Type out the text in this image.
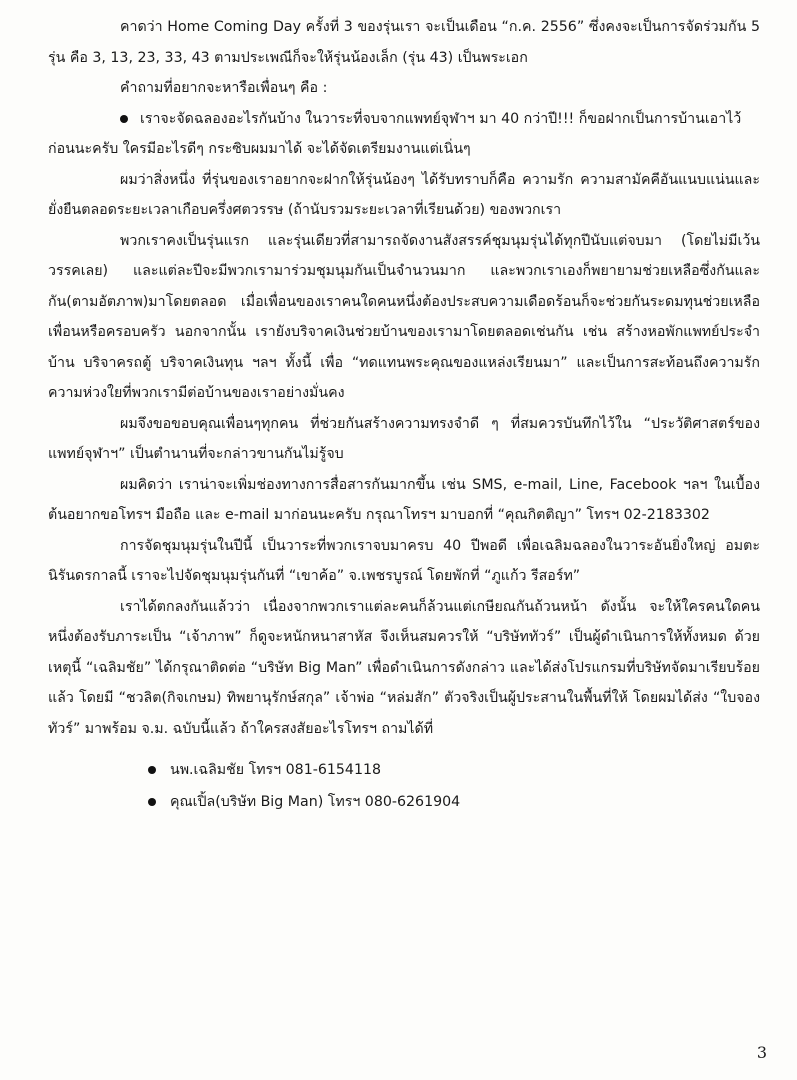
คาดว่า Home Coming Day ครั้งที่ 3 ของรุ่นเรา จะเป็นเดือน “ก.ค. 2556” ซึ่งคงจะเป็นการจัดร่วมกัน 5 รุ่น คือ 3, 13, 23, 33, 43 ตามประเพณีก็จะให้รุ่นน้องเล็ก (รุ่น 43) เป็นพระเอก

คำถามที่อยากจะหารือเพื่อนๆ คือ :

เราจะจัดฉลองอะไรกันบ้าง ในวาระที่จบจากแพทย์จุฬาฯ มา 40 กว่าปี!!! ก็ขอฝากเป็นการบ้านเอาไว้ก่อนนะครับ ใครมีอะไรดีๆ กระซิบผมมาได้ จะได้จัดเตรียมงานแต่เนิ่นๆ

ผมว่าสิ่งหนึ่ง ที่รุ่นของเราอยากจะฝากให้รุ่นน้องๆ ได้รับทราบก็คือ ความรัก ความสามัคคีอันแนบแน่นและยั่งยืนตลอดระยะเวลาเกือบครึ่งศตวรรษ (ถ้านับรวมระยะเวลาที่เรียนด้วย) ของพวกเรา

พวกเราคงเป็นรุ่นแรก และรุ่นเดียวที่สามารถจัดงานสังสรรค์ชุมนุมรุ่นได้ทุกปีนับแต่จบมา (โดยไม่มีเว้นวรรคเลย) และแต่ละปีจะมีพวกเรามาร่วมชุมนุมกันเป็นจำนวนมาก และพวกเราเองก็พยายามช่วยเหลือซึ่งกันและกัน(ตามอัตภาพ)มาโดยตลอด เมื่อเพื่อนของเราคนใดคนหนึ่งต้องประสบความเดือดร้อนก็จะช่วยกันระดมทุนช่วยเหลือเพื่อนหรือครอบครัว นอกจากนั้น เรายังบริจาคเงินช่วยบ้านของเรามาโดยตลอดเช่นกัน เช่น สร้างหอพักแพทย์ประจำบ้าน บริจาครถตู้ บริจาคเงินทุน ฯลฯ ทั้งนี้ เพื่อ “ทดแทนพระคุณของแหล่งเรียนมา” และเป็นการสะท้อนถึงความรัก ความห่วงใยที่พวกเรามีต่อบ้านของเราอย่างมั่นคง

ผมจึงขอขอบคุณเพื่อนๆทุกคน ที่ช่วยกันสร้างความทรงจำดี ๆ ที่สมควรบันทึกไว้ใน “ประวัติศาสตร์ของแพทย์จุฬาฯ” เป็นตำนานที่จะกล่าวขานกันไม่รู้จบ

ผมคิดว่า เราน่าจะเพิ่มช่องทางการสื่อสารกันมากขึ้น เช่น SMS, e-mail, Line, Facebook ฯลฯ ในเบื้องต้นอยากขอโทรฯ มือถือ และ e-mail มาก่อนนะครับ กรุณาโทรฯ มาบอกที่ “คุณกิตติญา” โทรฯ 02-2183302

การจัดชุมนุมรุ่นในปีนี้ เป็นวาระที่พวกเราจบมาครบ 40 ปีพอดี เพื่อเฉลิมฉลองในวาระอันยิ่งใหญ่ อมตะนิรันดรกาลนี้ เราจะไปจัดชุมนุมรุ่นกันที่ “เขาค้อ” จ.เพชรบูรณ์ โดยพักที่ “ภูแก้ว รีสอร์ท”

เราได้ตกลงกันแล้วว่า เนื่องจากพวกเราแต่ละคนก็ล้วนแต่เกษียณกันถ้วนหน้า ดังนั้น จะให้ใครคนใดคนหนึ่งต้องรับภาระเป็น “เจ้าภาพ” ก็ดูจะหนักหนาสาหัส จึงเห็นสมควรให้ “บริษัททัวร์” เป็นผู้ดำเนินการให้ทั้งหมด ด้วยเหตุนี้ “เฉลิมชัย” ได้กรุณาติดต่อ “บริษัท Big Man” เพื่อดำเนินการดังกล่าว และได้ส่งโปรแกรมที่บริษัทจัดมาเรียบร้อยแล้ว โดยมี “ชวลิต(กิจเกษม) ทิพยานุรักษ์สกุล” เจ้าพ่อ “หล่มสัก” ตัวจริงเป็นผู้ประสานในพื้นที่ให้ โดยผมได้ส่ง “ใบจองทัวร์” มาพร้อม จ.ม. ฉบับนี้แล้ว ถ้าใครสงสัยอะไรโทรฯ ถามได้ที่

นพ.เฉลิมชัย โทรฯ 081-6154118
คุณเปิ้ล(บริษัท Big Man) โทรฯ 080-6261904
3
